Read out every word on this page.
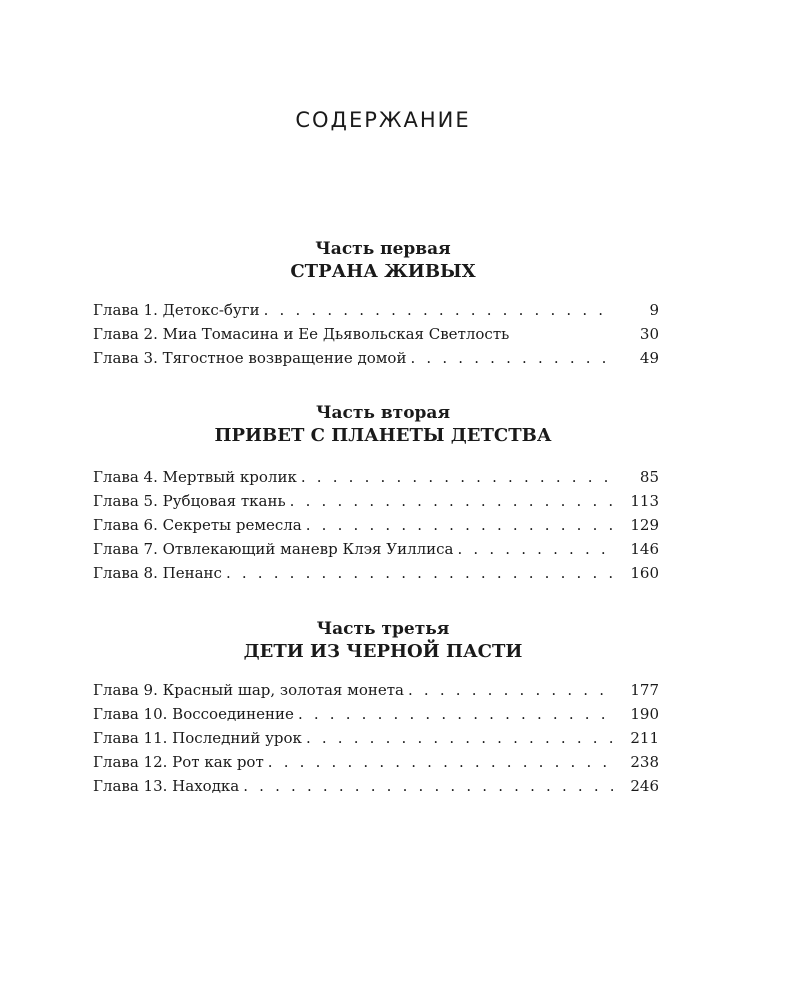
СОДЕРЖАНИЕ
Часть первая
СТРАНА ЖИВЫХ
Глава 1. Детокс-буги . . .	9
Глава 2. Миа Томасина и Ее Дьявольская Светлость	30
Глава 3. Тягостное возвращение домой . . .	49
Часть вторая
ПРИВЕТ С ПЛАНЕТЫ ДЕТСТВА
Глава 4. Мертвый кролик . . .	85
Глава 5. Рубцовая ткань . . .	113
Глава 6. Секреты ремесла . . .	129
Глава 7. Отвлекающий маневр Клэя Уиллиса . . .	146
Глава 8. Пенанс . . .	160
Часть третья
ДЕТИ ИЗ ЧЕРНОЙ ПАСТИ
Глава 9. Красный шар, золотая монета . . .	177
Глава 10. Воссоединение . . .	190
Глава 11. Последний урок . . .	211
Глава 12. Рот как рот . . .	238
Глава 13. Находка . . .	246
